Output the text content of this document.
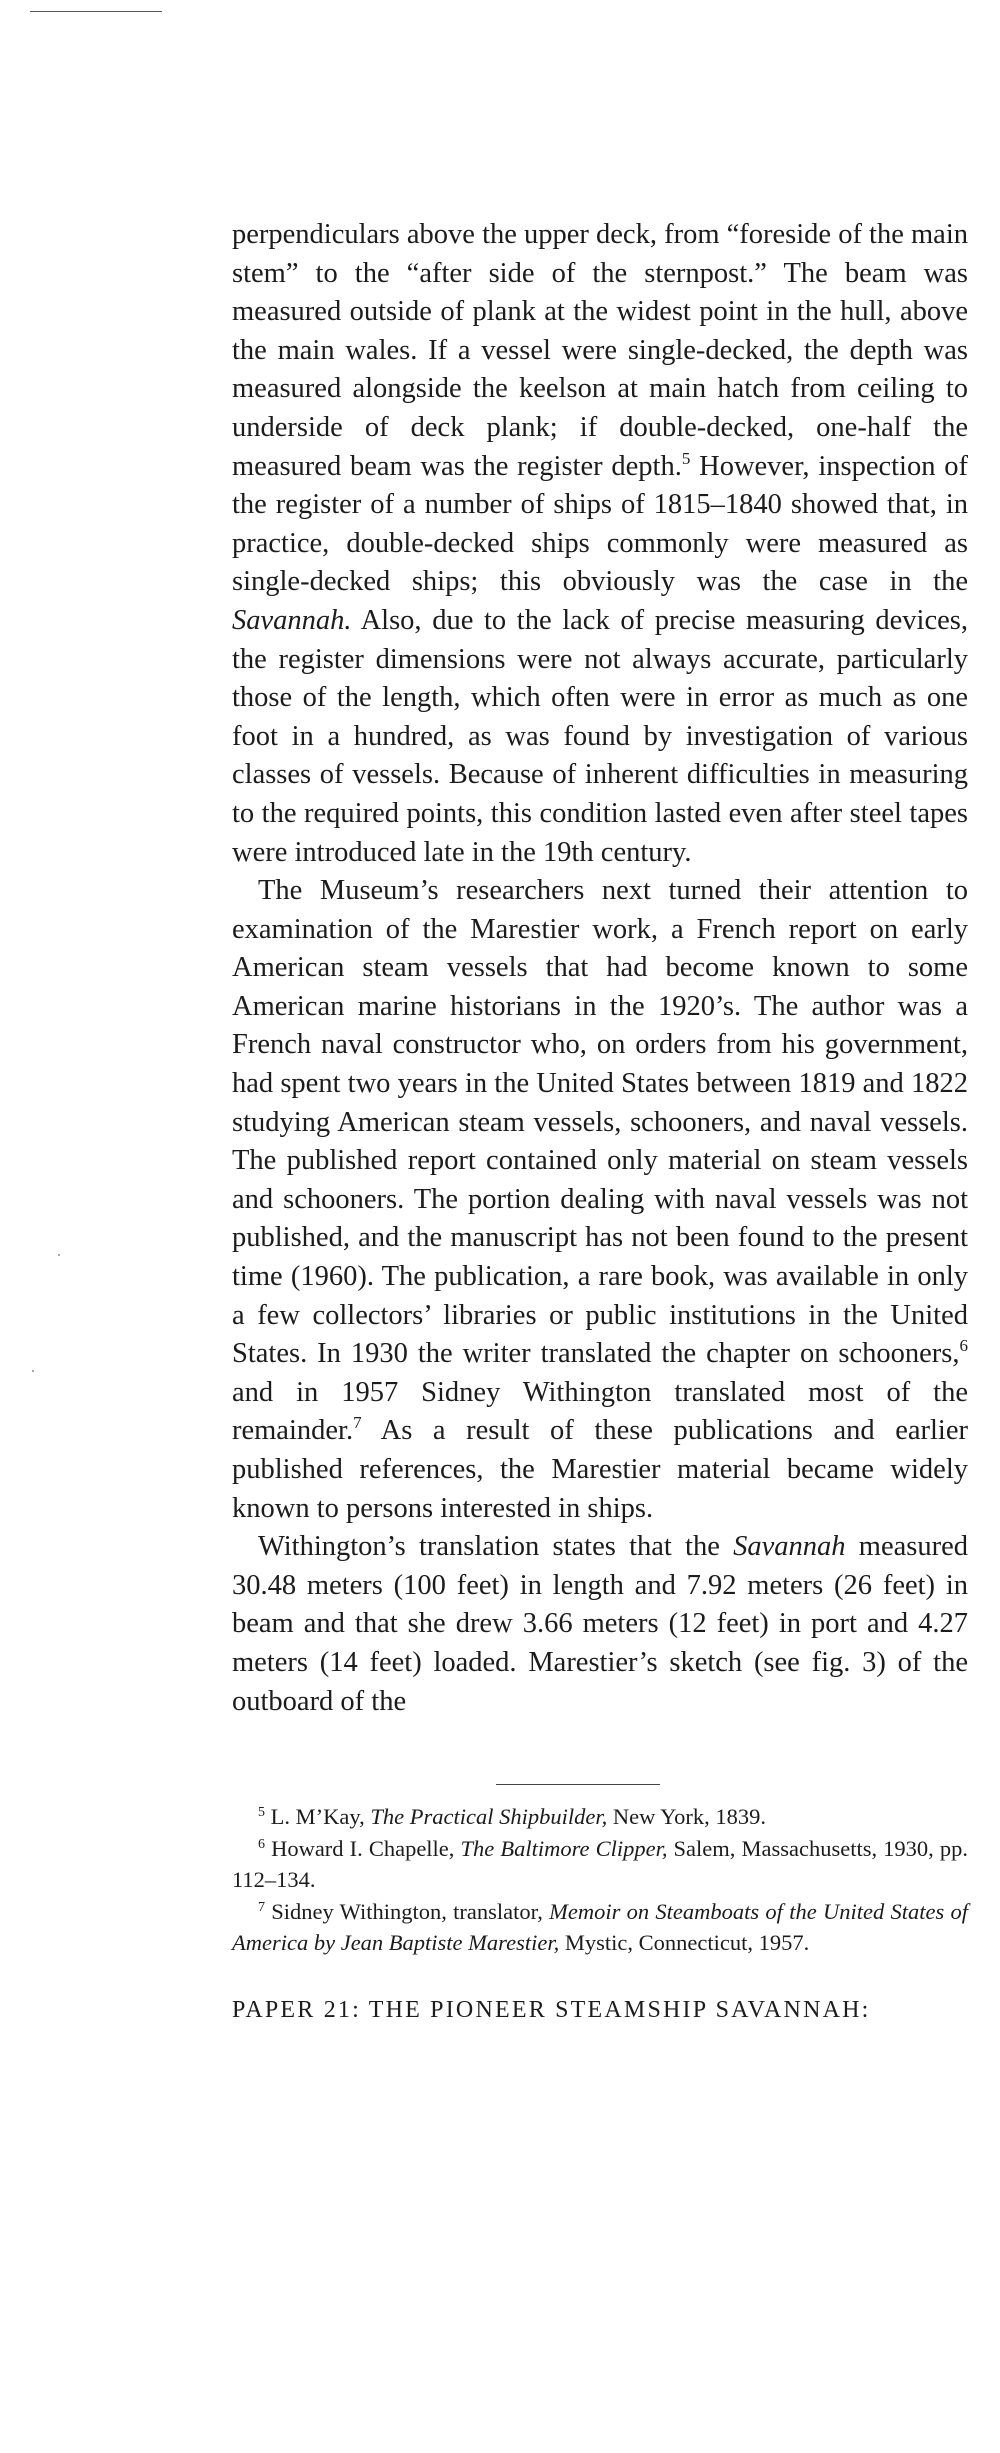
perpendiculars above the upper deck, from “foreside of the main stem” to the “after side of the sternpost.” The beam was measured outside of plank at the widest point in the hull, above the main wales. If a vessel were single-decked, the depth was measured alongside the keelson at main hatch from ceiling to underside of deck plank; if double-decked, one-half the measured beam was the register depth.$^5$ However, inspection of the register of a number of ships of 1815–1840 showed that, in practice, double-decked ships commonly were measured as single-decked ships; this obviously was the case in the Savannah. Also, due to the lack of precise measuring devices, the register dimensions were not always accurate, particularly those of the length, which often were in error as much as one foot in a hundred, as was found by investigation of various classes of vessels. Because of inherent difficulties in measuring to the required points, this condition lasted even after steel tapes were introduced late in the 19th century.

The Museum’s researchers next turned their attention to examination of the Marestier work, a French report on early American steam vessels that had become known to some American marine historians in the 1920’s. The author was a French naval constructor who, on orders from his government, had spent two years in the United States between 1819 and 1822 studying American steam vessels, schooners, and naval vessels. The published report contained only material on steam vessels and schooners. The portion dealing with naval vessels was not published, and the manuscript has not been found to the present time (1960). The publication, a rare book, was available in only a few collectors’ libraries or public institutions in the United States. In 1930 the writer translated the chapter on schooners,$^6$ and in 1957 Sidney Withington translated most of the remainder.$^7$ As a result of these publications and earlier published references, the Marestier material became widely known to persons interested in ships.

Withington’s translation states that the Savannah measured 30.48 meters (100 feet) in length and 7.92 meters (26 feet) in beam and that she drew 3.66 meters (12 feet) in port and 4.27 meters (14 feet) loaded. Marestier’s sketch (see fig. 3) of the outboard of the

$^5$ L. M’Kay, The Practical Shipbuilder, New York, 1839.

$^6$ Howard I. Chapelle, The Baltimore Clipper, Salem, Massachusetts, 1930, pp. 112–134.

$^7$ Sidney Withington, translator, Memoir on Steamboats of the United States of America by Jean Baptiste Marestier, Mystic, Connecticut, 1957.

PAPER 21: THE PIONEER STEAMSHIP SAVANNAH:
